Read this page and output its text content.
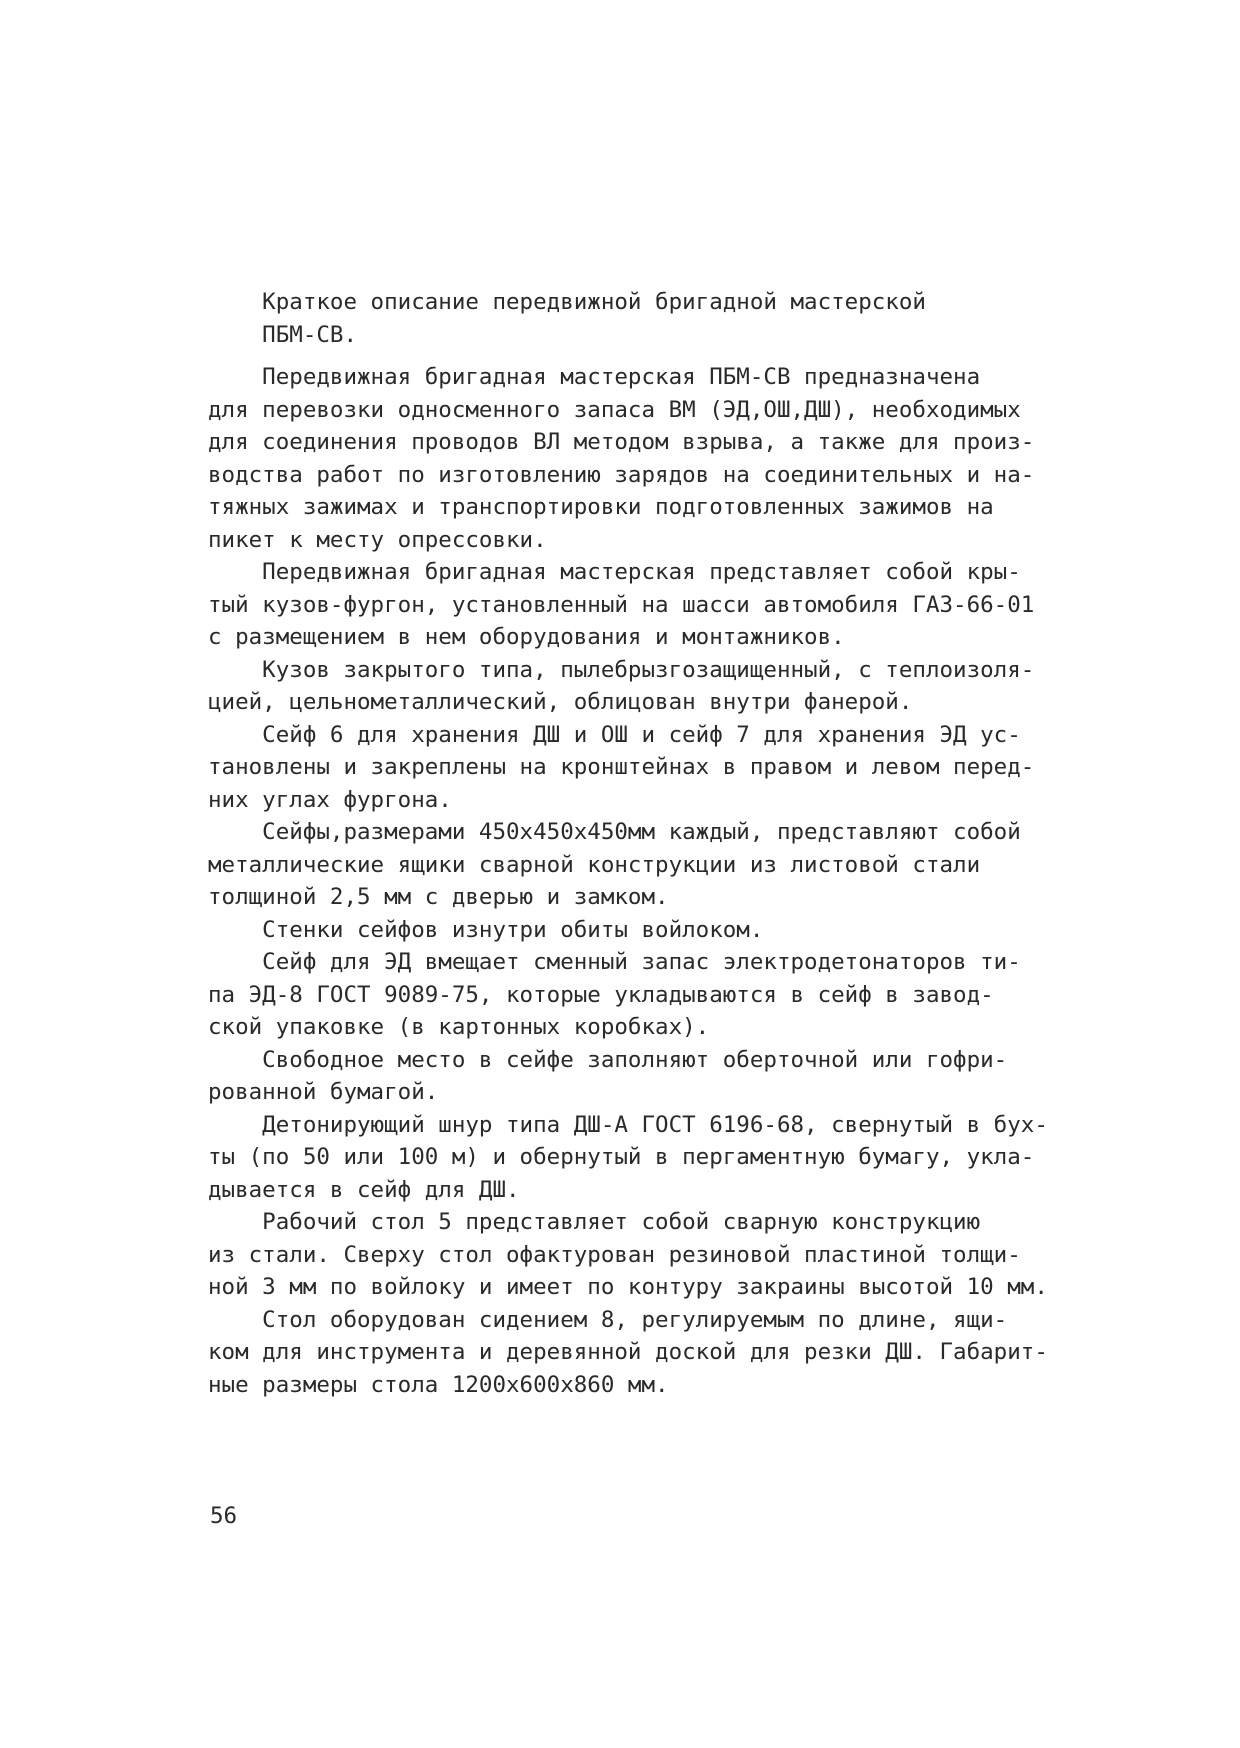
Краткое описание передвижной бригадной мастерской
ПБМ-СВ.
Передвижная бригадная мастерская ПБМ-СВ предназначена
для перевозки односменного запаса ВМ (ЭД,ОШ,ДШ), необходимых
для соединения проводов ВЛ методом взрыва, а также для произ-
водства работ по изготовлению зарядов на соединительных и на-
тяжных зажимах и транспортировки подготовленных зажимов на
пикет к месту опрессовки.
Передвижная бригадная мастерская представляет собой кры-
тый кузов-фургон, установленный на шасси автомобиля ГАЗ-66-01
с размещением в нем оборудования и монтажников.
Кузов закрытого типа, пылебрызгозащищенный, с теплоизоля-
цией, цельнометаллический, облицован внутри фанерой.
Сейф 6 для хранения ДШ и ОШ и сейф 7 для хранения ЭД ус-
тановлены и закреплены на кронштейнах в правом и левом перед-
них углах фургона.
Сейфы,размерами 450х450х450мм каждый, представляют собой
металлические ящики сварной конструкции из листовой стали
толщиной 2,5 мм с дверью и замком.
Стенки сейфов изнутри обиты войлоком.
Сейф для ЭД вмещает сменный запас электродетонаторов ти-
па ЭД-8 ГОСТ 9089-75, которые укладываются в сейф в завод-
ской упаковке (в картонных коробках).
Свободное место в сейфе заполняют оберточной или гофри-
рованной бумагой.
Детонирующий шнур типа ДШ-А ГОСТ 6196-68, свернутый в бух-
ты (по 50 или 100 м) и обернутый в пергаментную бумагу, укла-
дывается в сейф для ДШ.
Рабочий стол 5 представляет собой сварную конструкцию
из стали. Сверху стол офактурован резиновой пластиной толщи-
ной 3 мм по войлоку и имеет по контуру закраины высотой 10 мм.
Стол оборудован сидением 8, регулируемым по длине, ящи-
ком для инструмента и деревянной доской для резки ДШ. Габарит-
ные размеры стола 1200х600х860 мм.
56
